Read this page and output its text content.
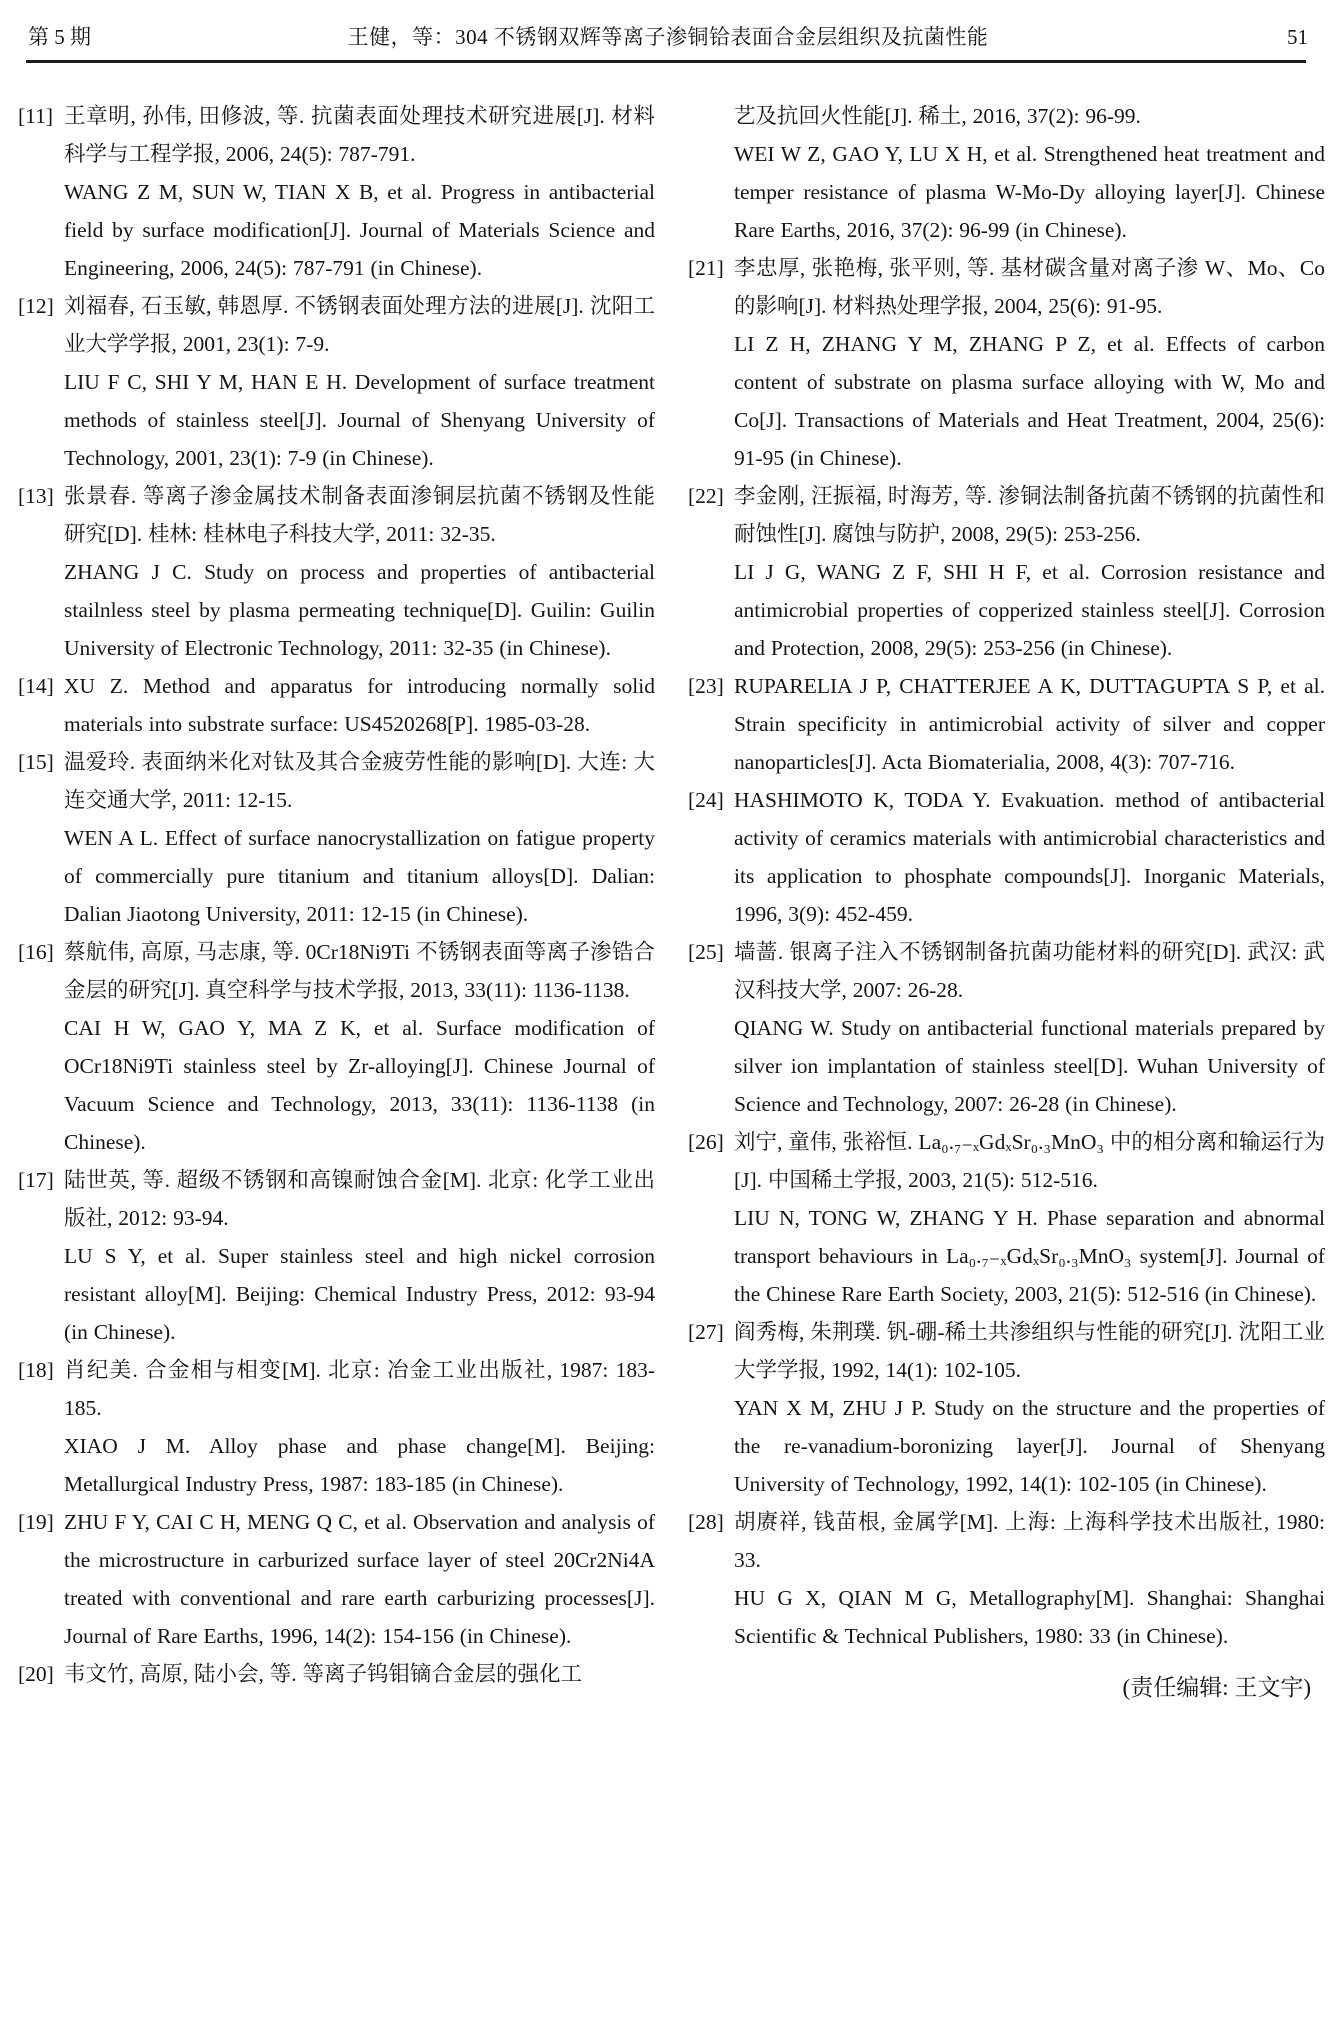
第 5 期	王健，等：304 不锈钢双辉等离子渗铜铪表面合金层组织及抗菌性能	51
[11] 王章明, 孙伟, 田修波, 等. 抗菌表面处理技术研究进展[J]. 材料科学与工程学报, 2006, 24(5): 787-791.

WANG Z M, SUN W, TIAN X B, et al. Progress in antibacterial field by surface modification[J]. Journal of Materials Science and Engineering, 2006, 24(5): 787-791 (in Chinese).

[12] 刘福春, 石玉敏, 韩恩厚. 不锈钢表面处理方法的进展[J]. 沈阳工业大学学报, 2001, 23(1): 7-9.

LIU F C, SHI Y M, HAN E H. Development of surface treatment methods of stainless steel[J]. Journal of Shenyang University of Technology, 2001, 23(1): 7-9 (in Chinese).

[13] 张景春. 等离子渗金属技术制备表面渗铜层抗菌不锈钢及性能研究[D]. 桂林: 桂林电子科技大学, 2011: 32-35.

ZHANG J C. Study on process and properties of antibacterial stailnless steel by plasma permeating technique[D]. Guilin: Guilin University of Electronic Technology, 2011: 32-35 (in Chinese).

[14] XU Z. Method and apparatus for introducing normally solid materials into substrate surface: US4520268[P]. 1985-03-28.

[15] 温爱玲. 表面纳米化对钛及其合金疲劳性能的影响[D]. 大连: 大连交通大学, 2011: 12-15.

WEN A L. Effect of surface nanocrystallization on fatigue property of commercially pure titanium and titanium alloys[D]. Dalian: Dalian Jiaotong University, 2011: 12-15 (in Chinese).

[16] 蔡航伟, 高原, 马志康, 等. 0Cr18Ni9Ti 不锈钢表面等离子渗锆合金层的研究[J]. 真空科学与技术学报, 2013, 33(11): 1136-1138.

CAI H W, GAO Y, MA Z K, et al. Surface modification of OCr18Ni9Ti stainless steel by Zr-alloying[J]. Chinese Journal of Vacuum Science and Technology, 2013, 33(11): 1136-1138 (in Chinese).

[17] 陆世英, 等. 超级不锈钢和高镍耐蚀合金[M]. 北京: 化学工业出版社, 2012: 93-94.

LU S Y, et al. Super stainless steel and high nickel corrosion resistant alloy[M]. Beijing: Chemical Industry Press, 2012: 93-94 (in Chinese).

[18] 肖纪美. 合金相与相变[M]. 北京: 冶金工业出版社, 1987: 183-185.

XIAO J M. Alloy phase and phase change[M]. Beijing: Metallurgical Industry Press, 1987: 183-185 (in Chinese).

[19] ZHU F Y, CAI C H, MENG Q C, et al. Observation and analysis of the microstructure in carburized surface layer of steel 20Cr2Ni4A treated with conventional and rare earth carburizing processes[J]. Journal of Rare Earths, 1996, 14(2): 154-156 (in Chinese).

[20] 韦文竹, 高原, 陆小会, 等. 等离子钨钼镝合金层的强化工

艺及抗回火性能[J]. 稀土, 2016, 37(2): 96-99.

WEI W Z, GAO Y, LU X H, et al. Strengthened heat treatment and temper resistance of plasma W-Mo-Dy alloying layer[J]. Chinese Rare Earths, 2016, 37(2): 96-99 (in Chinese).

[21] 李忠厚, 张艳梅, 张平则, 等. 基材碳含量对离子渗 W、Mo、Co 的影响[J]. 材料热处理学报, 2004, 25(6): 91-95.

LI Z H, ZHANG Y M, ZHANG P Z, et al. Effects of carbon content of substrate on plasma surface alloying with W, Mo and Co[J]. Transactions of Materials and Heat Treatment, 2004, 25(6): 91-95 (in Chinese).

[22] 李金刚, 汪振福, 时海芳, 等. 渗铜法制备抗菌不锈钢的抗菌性和耐蚀性[J]. 腐蚀与防护, 2008, 29(5): 253-256.

LI J G, WANG Z F, SHI H F, et al. Corrosion resistance and antimicrobial properties of copperized stainless steel[J]. Corrosion and Protection, 2008, 29(5): 253-256 (in Chinese).

[23] RUPARELIA J P, CHATTERJEE A K, DUTTAGUPTA S P, et al. Strain specificity in antimicrobial activity of silver and copper nanoparticles[J]. Acta Biomaterialia, 2008, 4(3): 707-716.

[24] HASHIMOTO K, TODA Y. Evakuation. method of antibacterial activity of ceramics materials with antimicrobial characteristics and its application to phosphate compounds[J]. Inorganic Materials, 1996, 3(9): 452-459.

[25] 墙蔷. 银离子注入不锈钢制备抗菌功能材料的研究[D]. 武汉: 武汉科技大学, 2007: 26-28.

QIANG W. Study on antibacterial functional materials prepared by silver ion implantation of stainless steel[D]. Wuhan University of Science and Technology, 2007: 26-28 (in Chinese).

[26] 刘宁, 童伟, 张裕恒. La₀.₇₋ₓGdₓSr₀.₃MnO₃ 中的相分离和输运行为[J]. 中国稀土学报, 2003, 21(5): 512-516.

LIU N, TONG W, ZHANG Y H. Phase separation and abnormal transport behaviours in La₀.₇₋ₓGdₓSr₀.₃MnO₃ system[J]. Journal of the Chinese Rare Earth Society, 2003, 21(5): 512-516 (in Chinese).

[27] 阎秀梅, 朱荆璞. 钒-硼-稀土共渗组织与性能的研究[J]. 沈阳工业大学学报, 1992, 14(1): 102-105.

YAN X M, ZHU J P. Study on the structure and the properties of the re-vanadium-boronizing layer[J]. Journal of Shenyang University of Technology, 1992, 14(1): 102-105 (in Chinese).

[28] 胡赓祥, 钱苗根, 金属学[M]. 上海: 上海科学技术出版社, 1980: 33.

HU G X, QIAN M G, Metallography[M]. Shanghai: Shanghai Scientific & Technical Publishers, 1980: 33 (in Chinese).

(责任编辑: 王文宇)
